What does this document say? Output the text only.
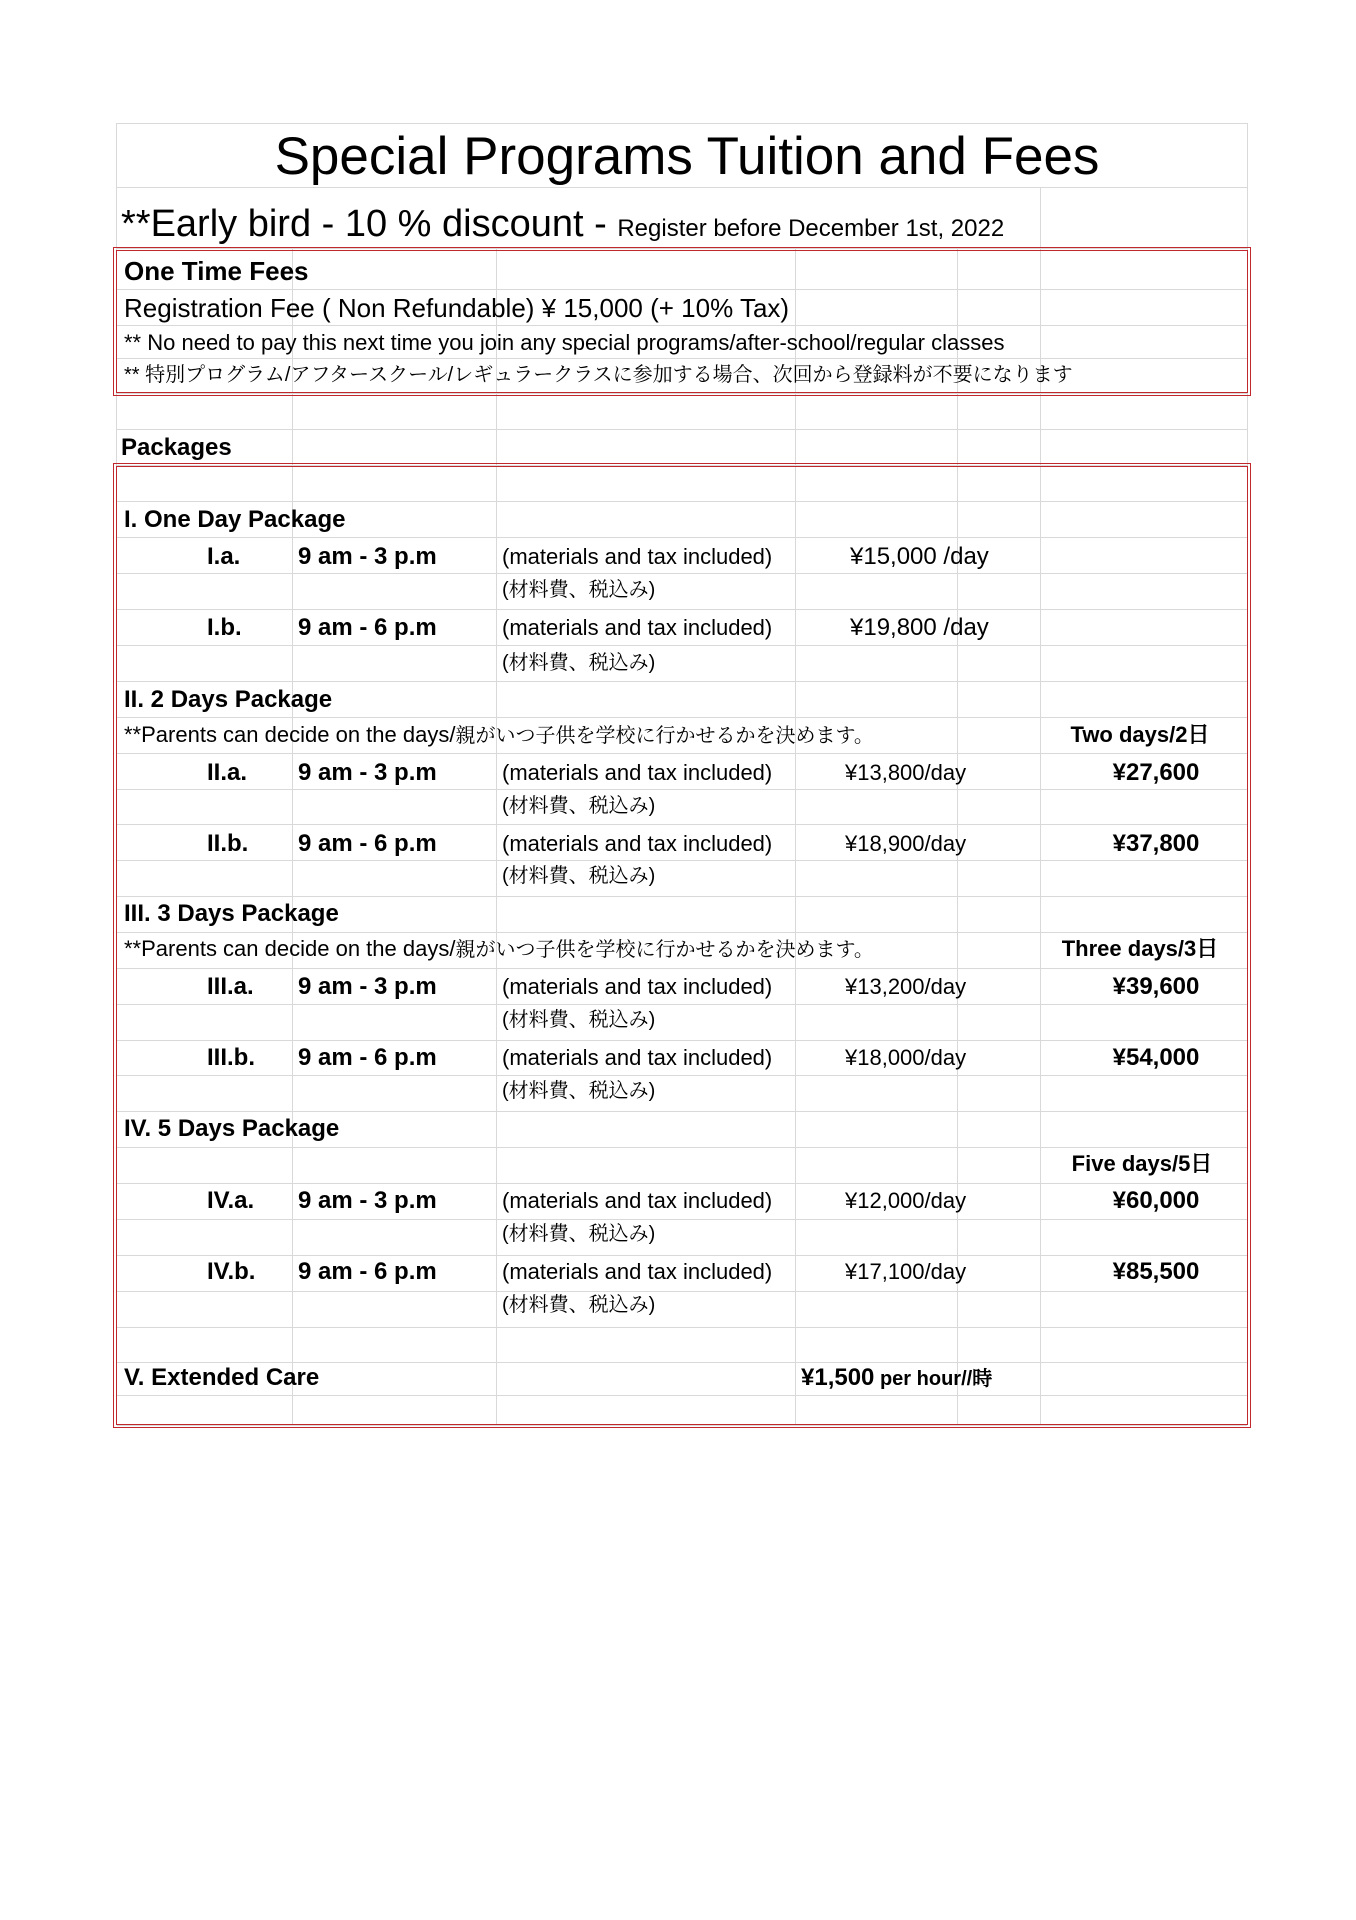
Special Programs Tuition and Fees
**Early bird - 10 % discount - Register before December 1st, 2022
One Time Fees
Registration Fee ( Non Refundable) ¥ 15,000 (+ 10% Tax)
** No need to pay this next time you join any special programs/after-school/regular classes
** 特別プログラム/アフタースクール/レギュラークラスに参加する場合、次回から登録料が不要になります
Packages
I. One Day Package
I.a. 9 am - 3 p.m	(materials and tax included)	¥15,000 /day
(材料費、税込み)
I.b. 9 am - 6 p.m	(materials and tax included)	¥19,800 /day
(材料費、税込み)
II. 2 Days Package
**Parents can decide on the days/親がいつ子供を学校に行かせるかを決めます。	Two days/2日
II.a. 9 am - 3 p.m	(materials and tax included)	¥13,800/day	¥27,600
(材料費、税込み)
II.b. 9 am - 6 p.m	(materials and tax included)	¥18,900/day	¥37,800
(材料費、税込み)
III. 3 Days Package
**Parents can decide on the days/親がいつ子供を学校に行かせるかを決めます。	Three days/3日
III.a. 9 am - 3 p.m	(materials and tax included)	¥13,200/day	¥39,600
(材料費、税込み)
III.b. 9 am - 6 p.m	(materials and tax included)	¥18,000/day	¥54,000
(材料費、税込み)
IV. 5 Days Package
Five days/5日
IV.a. 9 am - 3 p.m	(materials and tax included)	¥12,000/day	¥60,000
(材料費、税込み)
IV.b. 9 am - 6 p.m	(materials and tax included)	¥17,100/day	¥85,500
(材料費、税込み)
V. Extended Care	¥1,500 per hour//時
